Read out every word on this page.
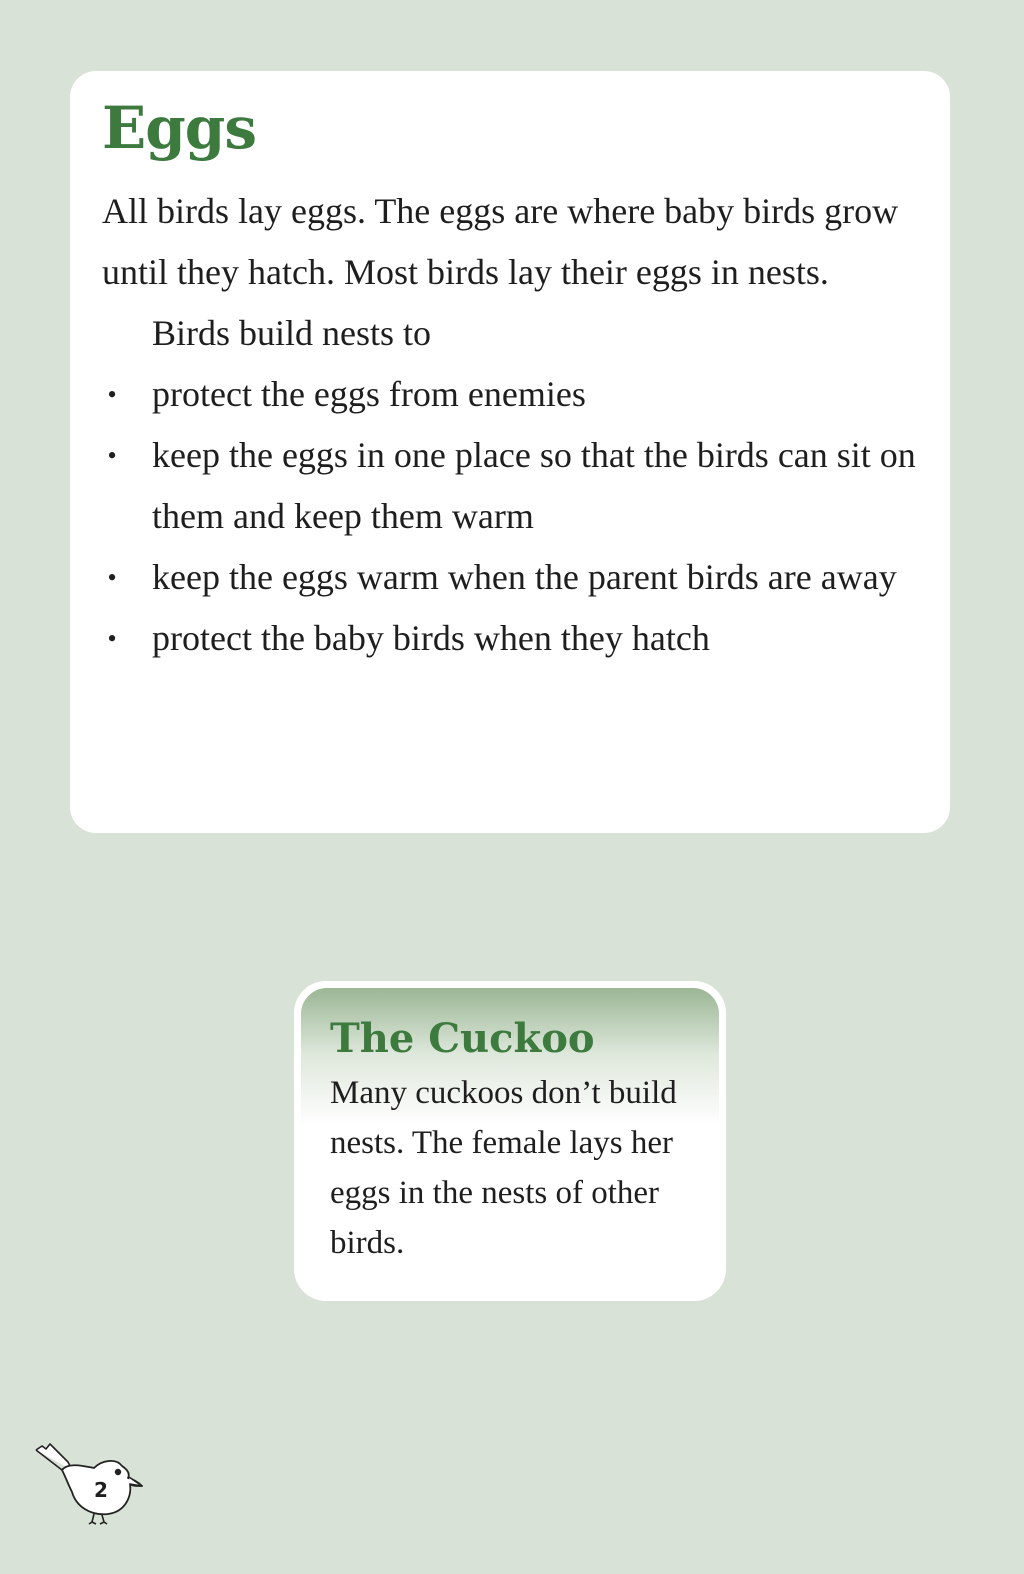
Eggs

All birds lay eggs. The eggs are where baby birds grow until they hatch. Most birds lay their eggs in nests.

Birds build nests to

• protect the eggs from enemies
• keep the eggs in one place so that the birds can sit on them and keep them warm
• keep the eggs warm when the parent birds are away
• protect the baby birds when they hatch
The Cuckoo

Many cuckoos don’t build nests. The female lays her eggs in the nests of other birds.

2
